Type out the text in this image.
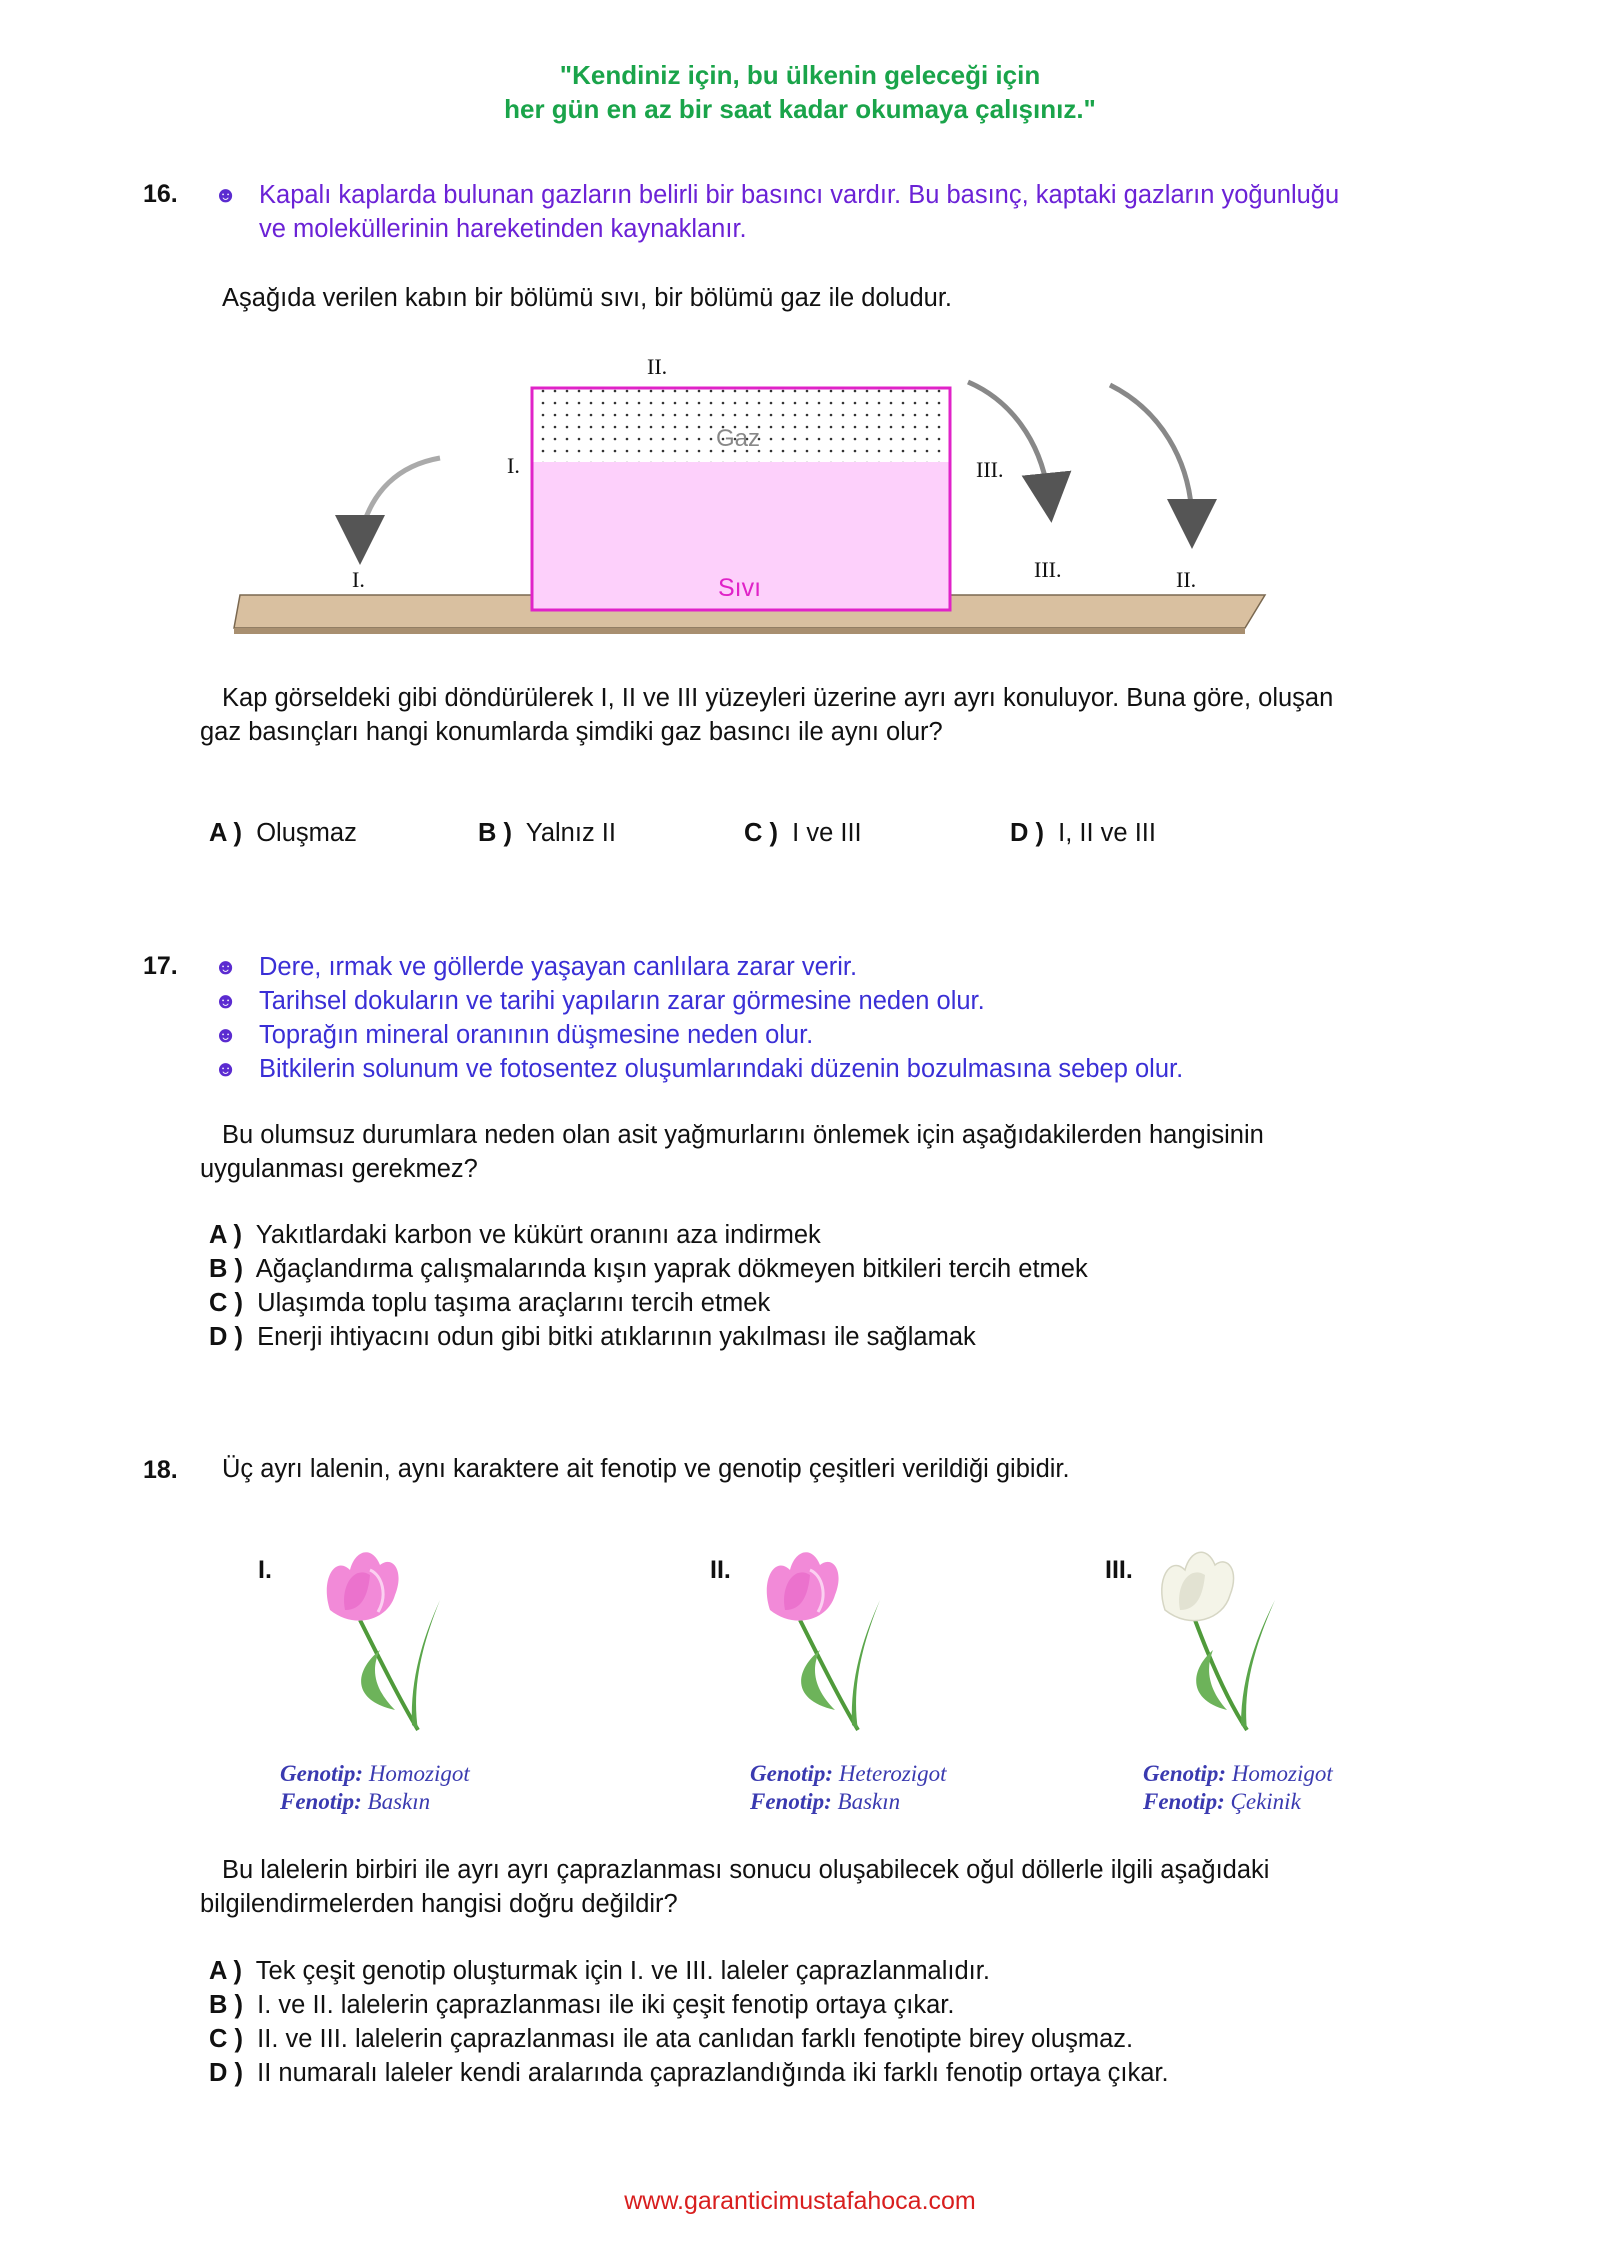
"Kendiniz için, bu ülkenin geleceği için
her gün en az bir saat kadar okumaya çalışınız."
16. ☻ Kapalı kaplarda bulunan gazların belirli bir basıncı vardır. Bu basınç, kaptaki gazların yoğunluğu
ve moleküllerinin hareketinden kaynaklanır.
Aşağıda verilen kabın bir bölümü sıvı, bir bölümü gaz ile doludur.
II.
I.	III.
Gaz
Sıvı
I.	III.	II.
Kap görseldeki gibi döndürülerek I, II ve III yüzeyleri üzerine ayrı ayrı konuluyor. Buna göre, oluşan
gaz basınçları hangi konumlarda şimdiki gaz basıncı ile aynı olur?
A ) Oluşmaz	B ) Yalnız II	C ) I ve III	D ) I, II ve III
17. ☻ Dere, ırmak ve göllerde yaşayan canlılara zarar verir.
☻ Tarihsel dokuların ve tarihi yapıların zarar görmesine neden olur.
☻ Toprağın mineral oranının düşmesine neden olur.
☻ Bitkilerin solunum ve fotosentez oluşumlarındaki düzenin bozulmasına sebep olur.
Bu olumsuz durumlara neden olan asit yağmurlarını önlemek için aşağıdakilerden hangisinin
uygulanması gerekmez?
A ) Yakıtlardaki karbon ve kükürt oranını aza indirmek
B ) Ağaçlandırma çalışmalarında kışın yaprak dökmeyen bitkileri tercih etmek
C ) Ulaşımda toplu taşıma araçlarını tercih etmek
D ) Enerji ihtiyacını odun gibi bitki atıklarının yakılması ile sağlamak
18. Üç ayrı lalenin, aynı karaktere ait fenotip ve genotip çeşitleri verildiği gibidir.
I.
Genotip: Homozigot
Fenotip: Baskın
II.
Genotip: Heterozigot
Fenotip: Baskın
III.
Genotip: Homozigot
Fenotip: Çekinik
Bu lalelerin birbiri ile ayrı ayrı çaprazlanması sonucu oluşabilecek oğul döllerle ilgili aşağıdaki
bilgilendirmelerden hangisi doğru değildir?
A ) Tek çeşit genotip oluşturmak için I. ve III. laleler çaprazlanmalıdır.
B ) I. ve II. lalelerin çaprazlanması ile iki çeşit fenotip ortaya çıkar.
C ) II. ve III. lalelerin çaprazlanması ile ata canlıdan farklı fenotipte birey oluşmaz.
D ) II numaralı laleler kendi aralarında çaprazlandığında iki farklı fenotip ortaya çıkar.
www.garanticimustafahoca.com
